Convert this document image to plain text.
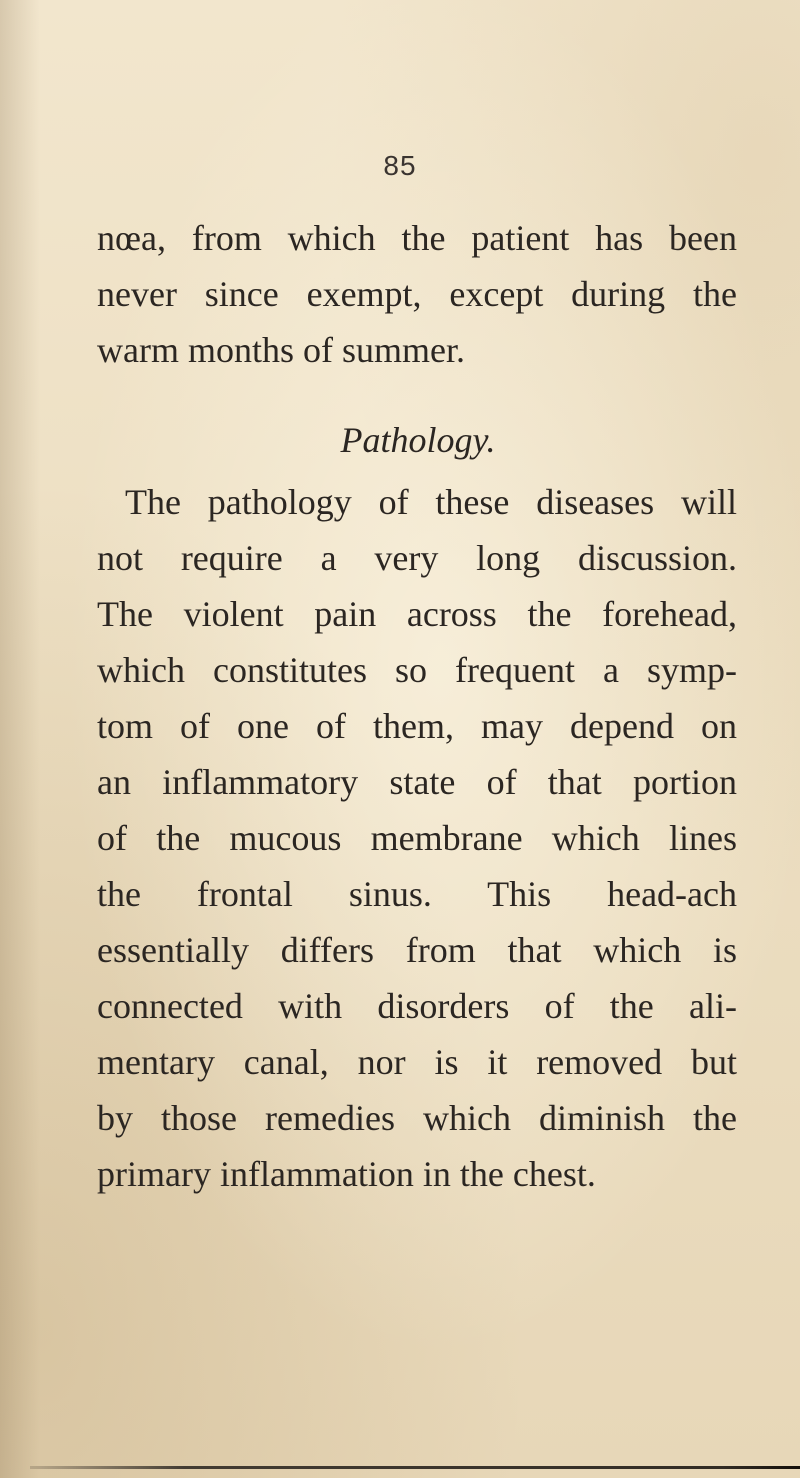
85
nœa, from which the patient has been
never since exempt, except during the
warm months of summer.
Pathology.
The pathology of these diseases will
not require a very long discussion.
The violent pain across the forehead,
which constitutes so frequent a symp-
tom of one of them, may depend on
an inflammatory state of that portion
of the mucous membrane which lines
the frontal sinus. This head-ach
essentially differs from that which is
connected with disorders of the ali-
mentary canal, nor is it removed but
by those remedies which diminish the
primary inflammation in the chest.
